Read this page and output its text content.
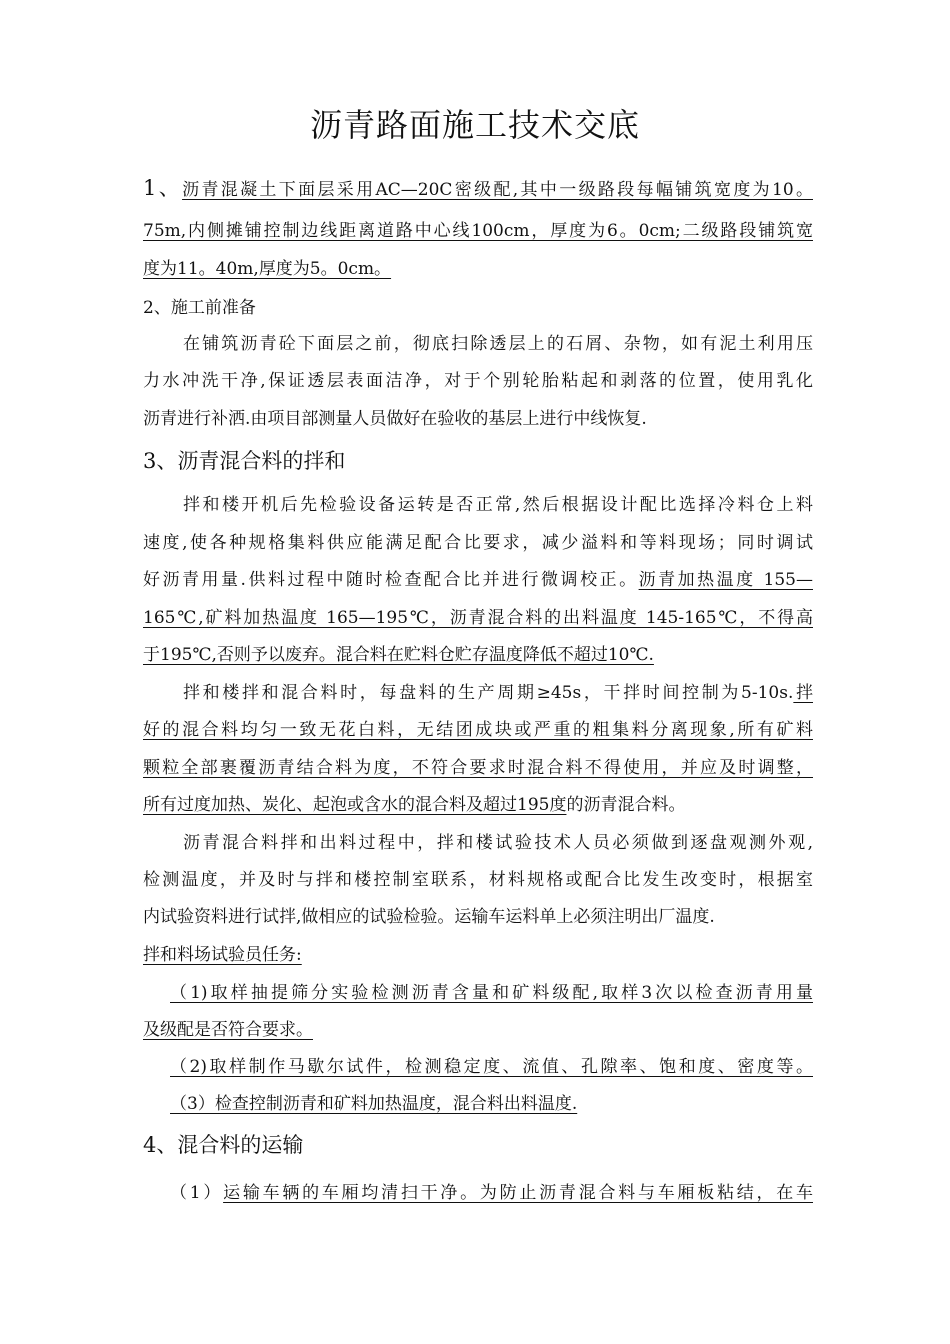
沥青路面施工技术交底
1、沥青混凝土下面层采用AC—20C密级配,其中一级路段每幅铺筑宽度为10。
75m,内侧摊铺控制边线距离道路中心线100cm，厚度为6。0cm;二级路段铺筑宽
度为11。40m,厚度为5。0cm。
2、施工前准备
在铺筑沥青砼下面层之前，彻底扫除透层上的石屑、杂物，如有泥土利用压
力水冲洗干净,保证透层表面洁净，对于个别轮胎粘起和剥落的位置，使用乳化
沥青进行补洒.由项目部测量人员做好在验收的基层上进行中线恢复.
3、沥青混合料的拌和
拌和楼开机后先检验设备运转是否正常,然后根据设计配比选择冷料仓上料
速度,使各种规格集料供应能满足配合比要求，减少溢料和等料现场；同时调试
好沥青用量.供料过程中随时检查配合比并进行微调校正。沥青加热温度 155—
165℃,矿料加热温度 165—195℃，沥青混合料的出料温度 145-165℃，不得高
于195℃,否则予以废弃。混合料在贮料仓贮存温度降低不超过10℃.
拌和楼拌和混合料时，每盘料的生产周期≥45s，干拌时间控制为5-10s.拌
好的混合料均匀一致无花白料，无结团成块或严重的粗集料分离现象,所有矿料
颗粒全部裹覆沥青结合料为度，不符合要求时混合料不得使用，并应及时调整，
所有过度加热、炭化、起泡或含水的混合料及超过195度的沥青混合料。
沥青混合料拌和出料过程中，拌和楼试验技术人员必须做到逐盘观测外观,
检测温度，并及时与拌和楼控制室联系，材料规格或配合比发生改变时，根据室
内试验资料进行试拌,做相应的试验检验。运输车运料单上必须注明出厂温度.
拌和料场试验员任务:
（1)取样抽提筛分实验检测沥青含量和矿料级配,取样3次以检查沥青用量
及级配是否符合要求。
（2)取样制作马歇尔试件，检测稳定度、流值、孔隙率、饱和度、密度等。
（3）检查控制沥青和矿料加热温度，混合料出料温度.
4、混合料的运输
（1）运输车辆的车厢均清扫干净。为防止沥青混合料与车厢板粘结，在车
